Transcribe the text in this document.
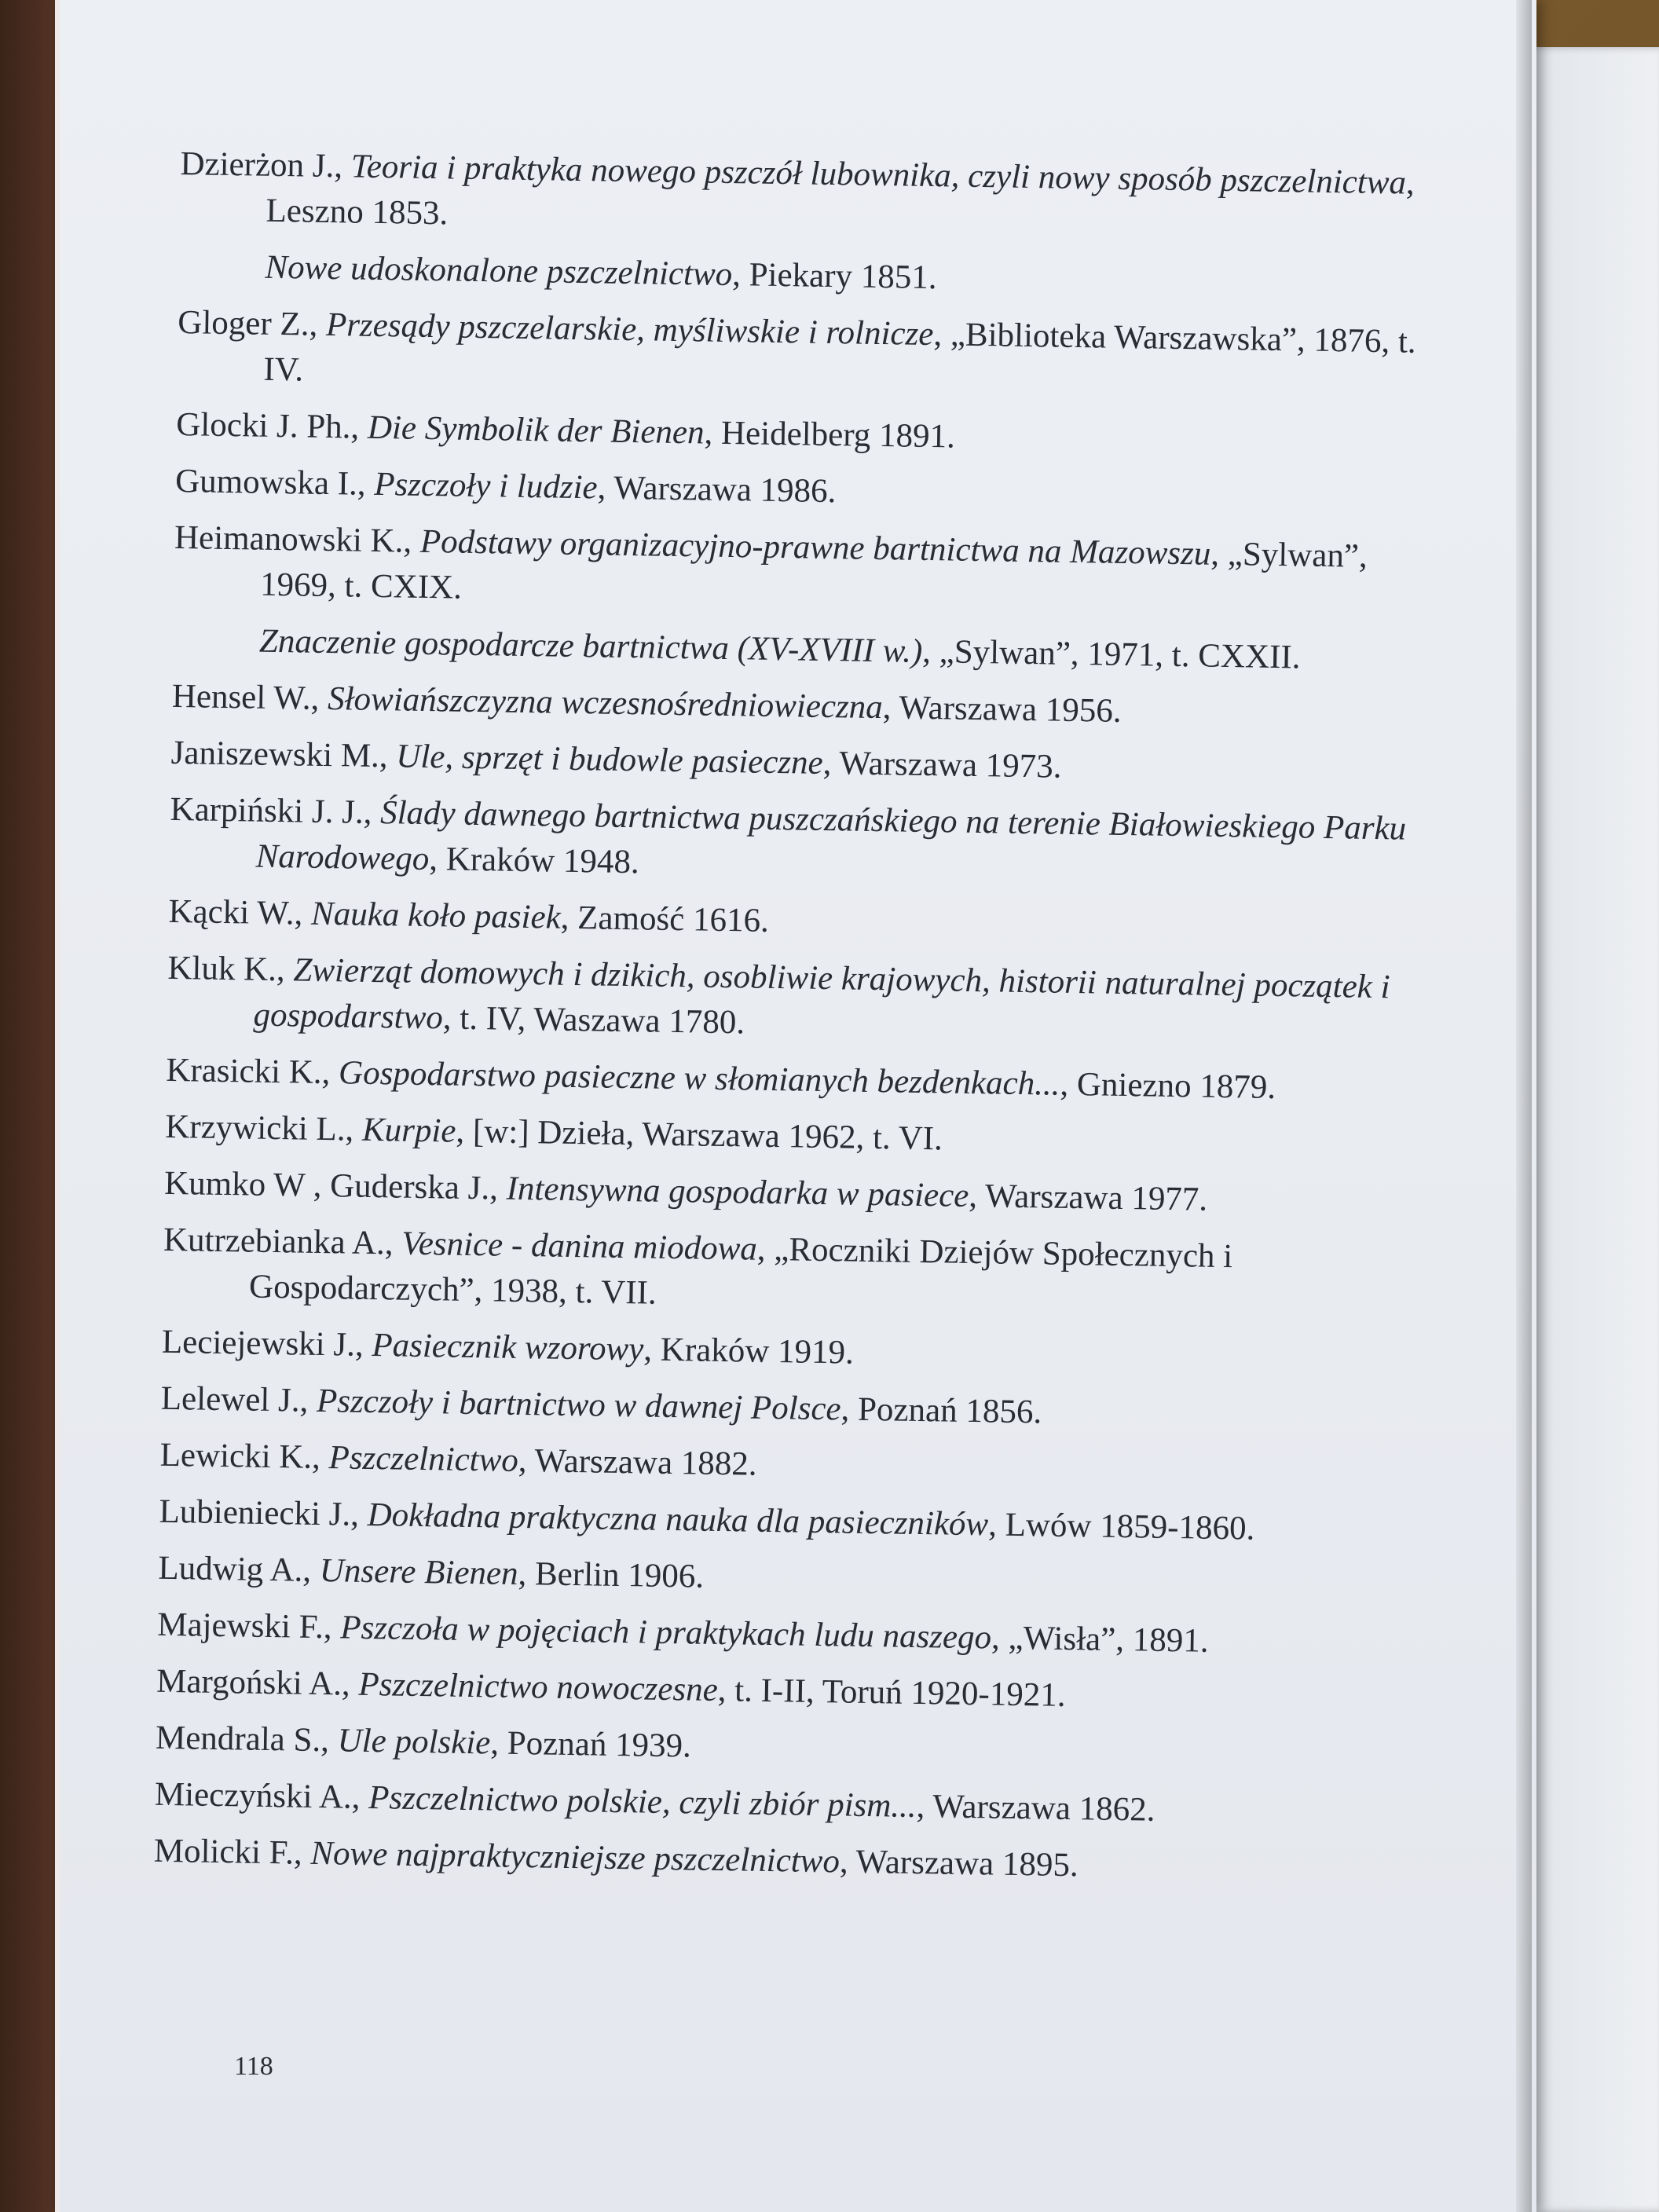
Dzierżon J., Teoria i praktyka nowego pszczół lubownika, czyli nowy sposób pszczelnictwa, Leszno 1853.
Nowe udoskonalone pszczelnictwo, Piekary 1851.
Gloger Z., Przesądy pszczelarskie, myśliwskie i rolnicze, „Biblioteka Warszawska”, 1876, t. IV.
Glocki J. Ph., Die Symbolik der Bienen, Heidelberg 1891.
Gumowska I., Pszczoły i ludzie, Warszawa 1986.
Heimanowski K., Podstawy organizacyjno-prawne bartnictwa na Mazowszu, „Sylwan”, 1969, t. CXIX.
Znaczenie gospodarcze bartnictwa (XV-XVIII w.), „Sylwan”, 1971, t. CXXII.
Hensel W., Słowiańszczyzna wczesnośredniowieczna, Warszawa 1956.
Janiszewski M., Ule, sprzęt i budowle pasieczne, Warszawa 1973.
Karpiński J. J., Ślady dawnego bartnictwa puszczańskiego na terenie Białowieskiego Parku Narodowego, Kraków 1948.
Kącki W., Nauka koło pasiek, Zamość 1616.
Kluk K., Zwierząt domowych i dzikich, osobliwie krajowych, historii naturalnej początek i gospodarstwo, t. IV, Waszawa 1780.
Krasicki K., Gospodarstwo pasieczne w słomianych bezdenkach..., Gniezno 1879.
Krzywicki L., Kurpie, [w:] Dzieła, Warszawa 1962, t. VI.
Kumko W , Guderska J., Intensywna gospodarka w pasiece, Warszawa 1977.
Kutrzebianka A., Vesnice - danina miodowa, „Roczniki Dziejów Społecznych i Gospodarczych”, 1938, t. VII.
Leciejewski J., Pasiecznik wzorowy, Kraków 1919.
Lelewel J., Pszczoły i bartnictwo w dawnej Polsce, Poznań 1856.
Lewicki K., Pszczelnictwo, Warszawa 1882.
Lubieniecki J., Dokładna praktyczna nauka dla pasieczników, Lwów 1859-1860.
Ludwig A., Unsere Bienen, Berlin 1906.
Majewski F., Pszczoła w pojęciach i praktykach ludu naszego, „Wisła”, 1891.
Margoński A., Pszczelnictwo nowoczesne, t. I-II, Toruń 1920-1921.
Mendrala S., Ule polskie, Poznań 1939.
Mieczyński A., Pszczelnictwo polskie, czyli zbiór pism..., Warszawa 1862.
Molicki F., Nowe najpraktyczniejsze pszczelnictwo, Warszawa 1895.
118
